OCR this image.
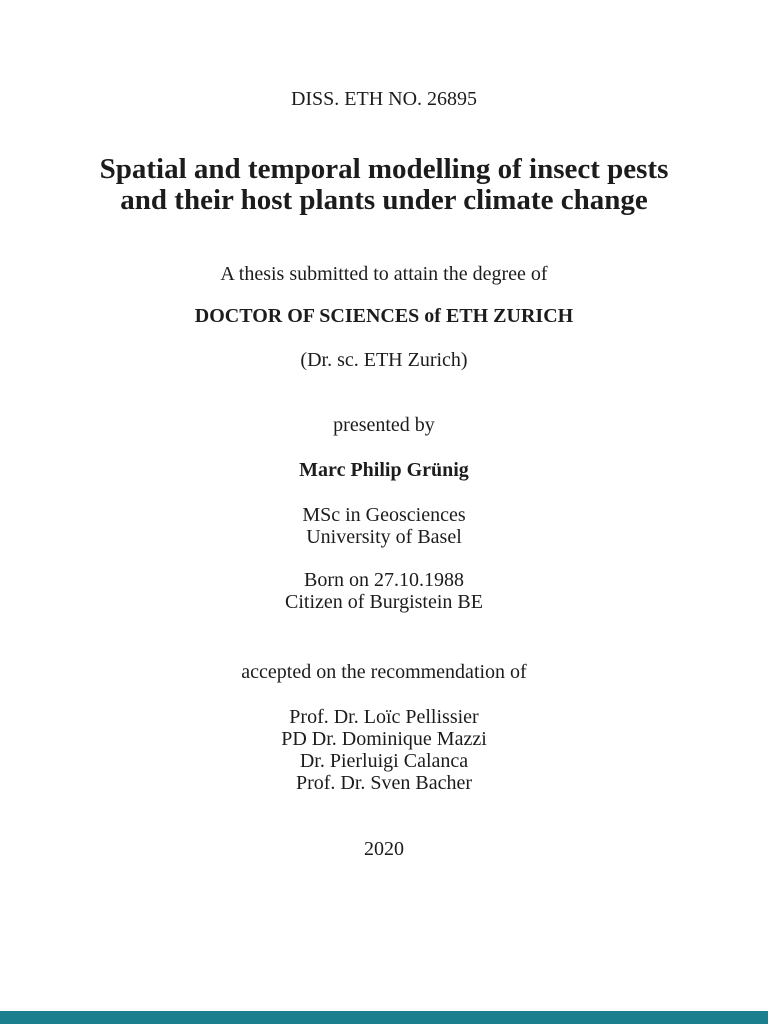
DISS. ETH NO. 26895
Spatial and temporal modelling of insect pests
and their host plants under climate change
A thesis submitted to attain the degree of
DOCTOR OF SCIENCES of ETH ZURICH
(Dr. sc. ETH Zurich)
presented by
Marc Philip Grünig
MSc in Geosciences
University of Basel
Born on 27.10.1988
Citizen of Burgistein BE
accepted on the recommendation of
Prof. Dr. Loïc Pellissier
PD Dr. Dominique Mazzi
Dr. Pierluigi Calanca
Prof. Dr. Sven Bacher
2020
